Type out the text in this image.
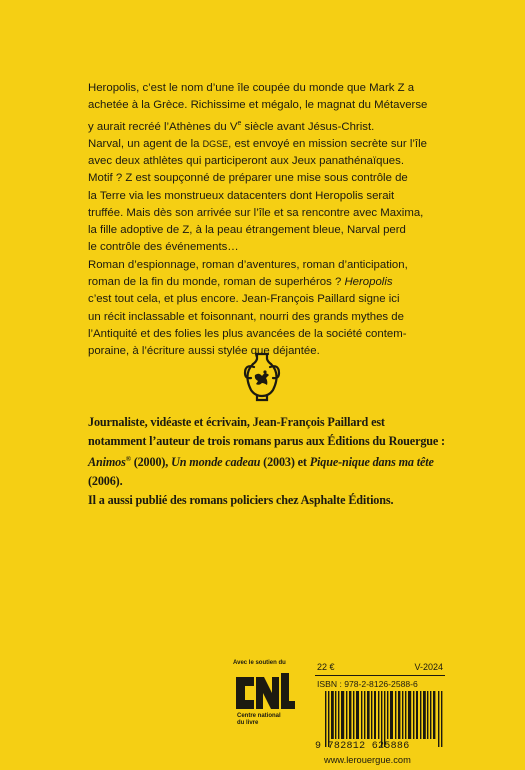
Heropolis, c’est le nom d’une île coupée du monde que Mark Z a

achetée à la Grèce. Richissime et mégalo, le magnat du Métaverse

y aurait recréé l’Athènes du Ve siècle avant Jésus-Christ.

Narval, un agent de la DGSE, est envoyé en mission secrète sur l’île

avec deux athlètes qui participeront aux Jeux panathénaïques.

Motif ? Z est soupçonné de préparer une mise sous contrôle de

la Terre via les monstrueux datacenters dont Heropolis serait

truffée. Mais dès son arrivée sur l’île et sa rencontre avec Maxima,

la fille adoptive de Z, à la peau étrangement bleue, Narval perd

le contrôle des événements…

Roman d’espionnage, roman d’aventures, roman d’anticipation,

roman de la fin du monde, roman de superhéros ? Heropolis

c’est tout cela, et plus encore. Jean-François Paillard signe ici

un récit inclassable et foisonnant, nourri des grands mythes de

l’Antiquité et des folies les plus avancées de la société contem-

poraine, à l’écriture aussi stylée que déjantée.

Journaliste, vidéaste et écrivain, Jean-François Paillard est

notamment l’auteur de trois romans parus aux Éditions du Rouergue :

Animos® (2000), Un monde cadeau (2003) et Pique-nique dans ma tête (2006).

Il a aussi publié des romans policiers chez Asphalte Éditions.

Avec le soutien du
Centre national
du livre
22 €	V-2024
ISBN : 978-2-8126-2588-6
9 782812 625886
www.lerouergue.com
